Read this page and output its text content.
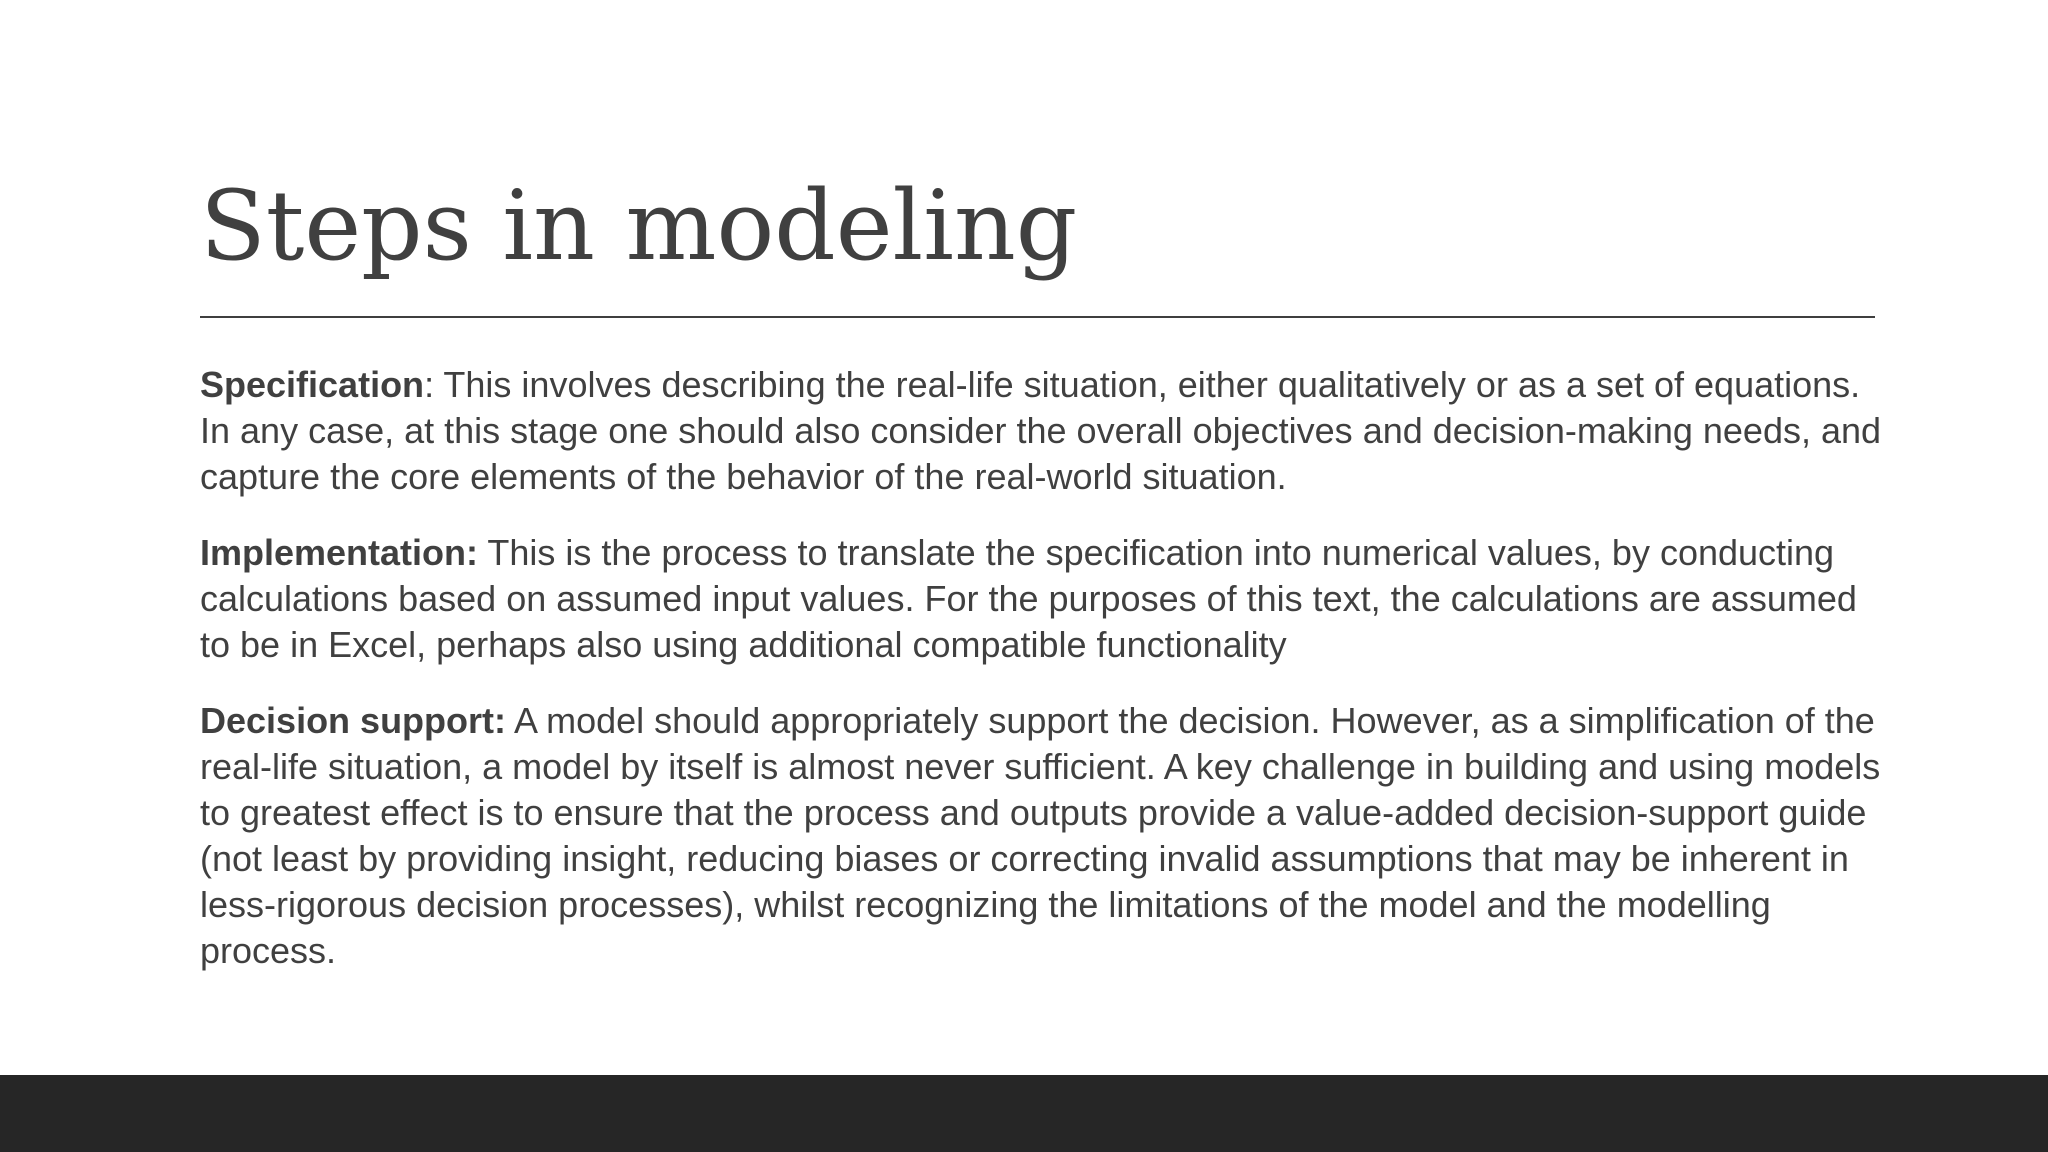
Steps in modeling

Specification: This involves describing the real-life situation, either qualitatively or as a set of equations. In any case, at this stage one should also consider the overall objectives and decision-making needs, and capture the core elements of the behavior of the real-world situation.

Implementation: This is the process to translate the specification into numerical values, by conducting calculations based on assumed input values. For the purposes of this text, the calculations are assumed to be in Excel, perhaps also using additional compatible functionality

Decision support: A model should appropriately support the decision. However, as a simplification of the real-life situation, a model by itself is almost never sufficient. A key challenge in building and using models to greatest effect is to ensure that the process and outputs provide a value-added decision-support guide (not least by providing insight, reducing biases or correcting invalid assumptions that may be inherent in less-rigorous decision processes), whilst recognizing the limitations of the model and the modelling process.
